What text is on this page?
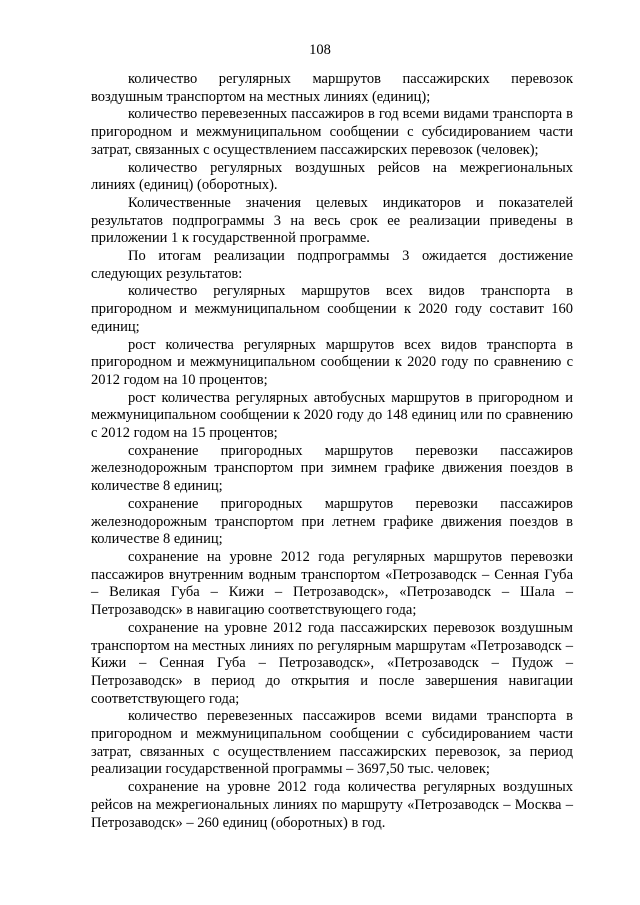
108

количество регулярных маршрутов пассажирских перевозок воздушным транспортом на местных линиях (единиц);

количество перевезенных пассажиров в год всеми видами транспорта в пригородном и межмуниципальном сообщении с субсидированием части затрат, связанных с осуществлением пассажирских перевозок (человек);

количество регулярных воздушных рейсов на межрегиональных линиях (единиц) (оборотных).

Количественные значения целевых индикаторов и показателей результатов подпрограммы 3 на весь срок ее реализации приведены в приложении 1 к государственной программе.

По итогам реализации подпрограммы 3 ожидается достижение следующих результатов:

количество регулярных маршрутов всех видов транспорта в пригородном и межмуниципальном сообщении к 2020 году составит 160 единиц;

рост количества регулярных маршрутов всех видов транспорта в пригородном и межмуниципальном сообщении к 2020 году по сравнению с 2012 годом на 10 процентов;

рост количества регулярных автобусных маршрутов в пригородном и межмуниципальном сообщении к 2020 году до 148 единиц или по сравнению с 2012 годом на 15 процентов;

сохранение пригородных маршрутов перевозки пассажиров железнодорожным транспортом при зимнем графике движения поездов в количестве 8 единиц;

сохранение пригородных маршрутов перевозки пассажиров железнодорожным транспортом при летнем графике движения поездов в количестве 8 единиц;

сохранение на уровне 2012 года регулярных маршрутов перевозки пассажиров внутренним водным транспортом «Петрозаводск – Сенная Губа – Великая Губа – Кижи – Петрозаводск», «Петрозаводск – Шала – Петрозаводск» в навигацию соответствующего года;

сохранение на уровне 2012 года пассажирских перевозок воздушным транспортом на местных линиях по регулярным маршрутам «Петрозаводск – Кижи – Сенная Губа – Петрозаводск», «Петрозаводск – Пудож – Петрозаводск» в период до открытия и после завершения навигации соответствующего года;

количество перевезенных пассажиров всеми видами транспорта в пригородном и межмуниципальном сообщении с субсидированием части затрат, связанных с осуществлением пассажирских перевозок, за период реализации государственной программы – 3697,50 тыс. человек;

сохранение на уровне 2012 года количества регулярных воздушных рейсов на межрегиональных линиях по маршруту «Петрозаводск – Москва – Петрозаводск» – 260 единиц (оборотных) в год.
